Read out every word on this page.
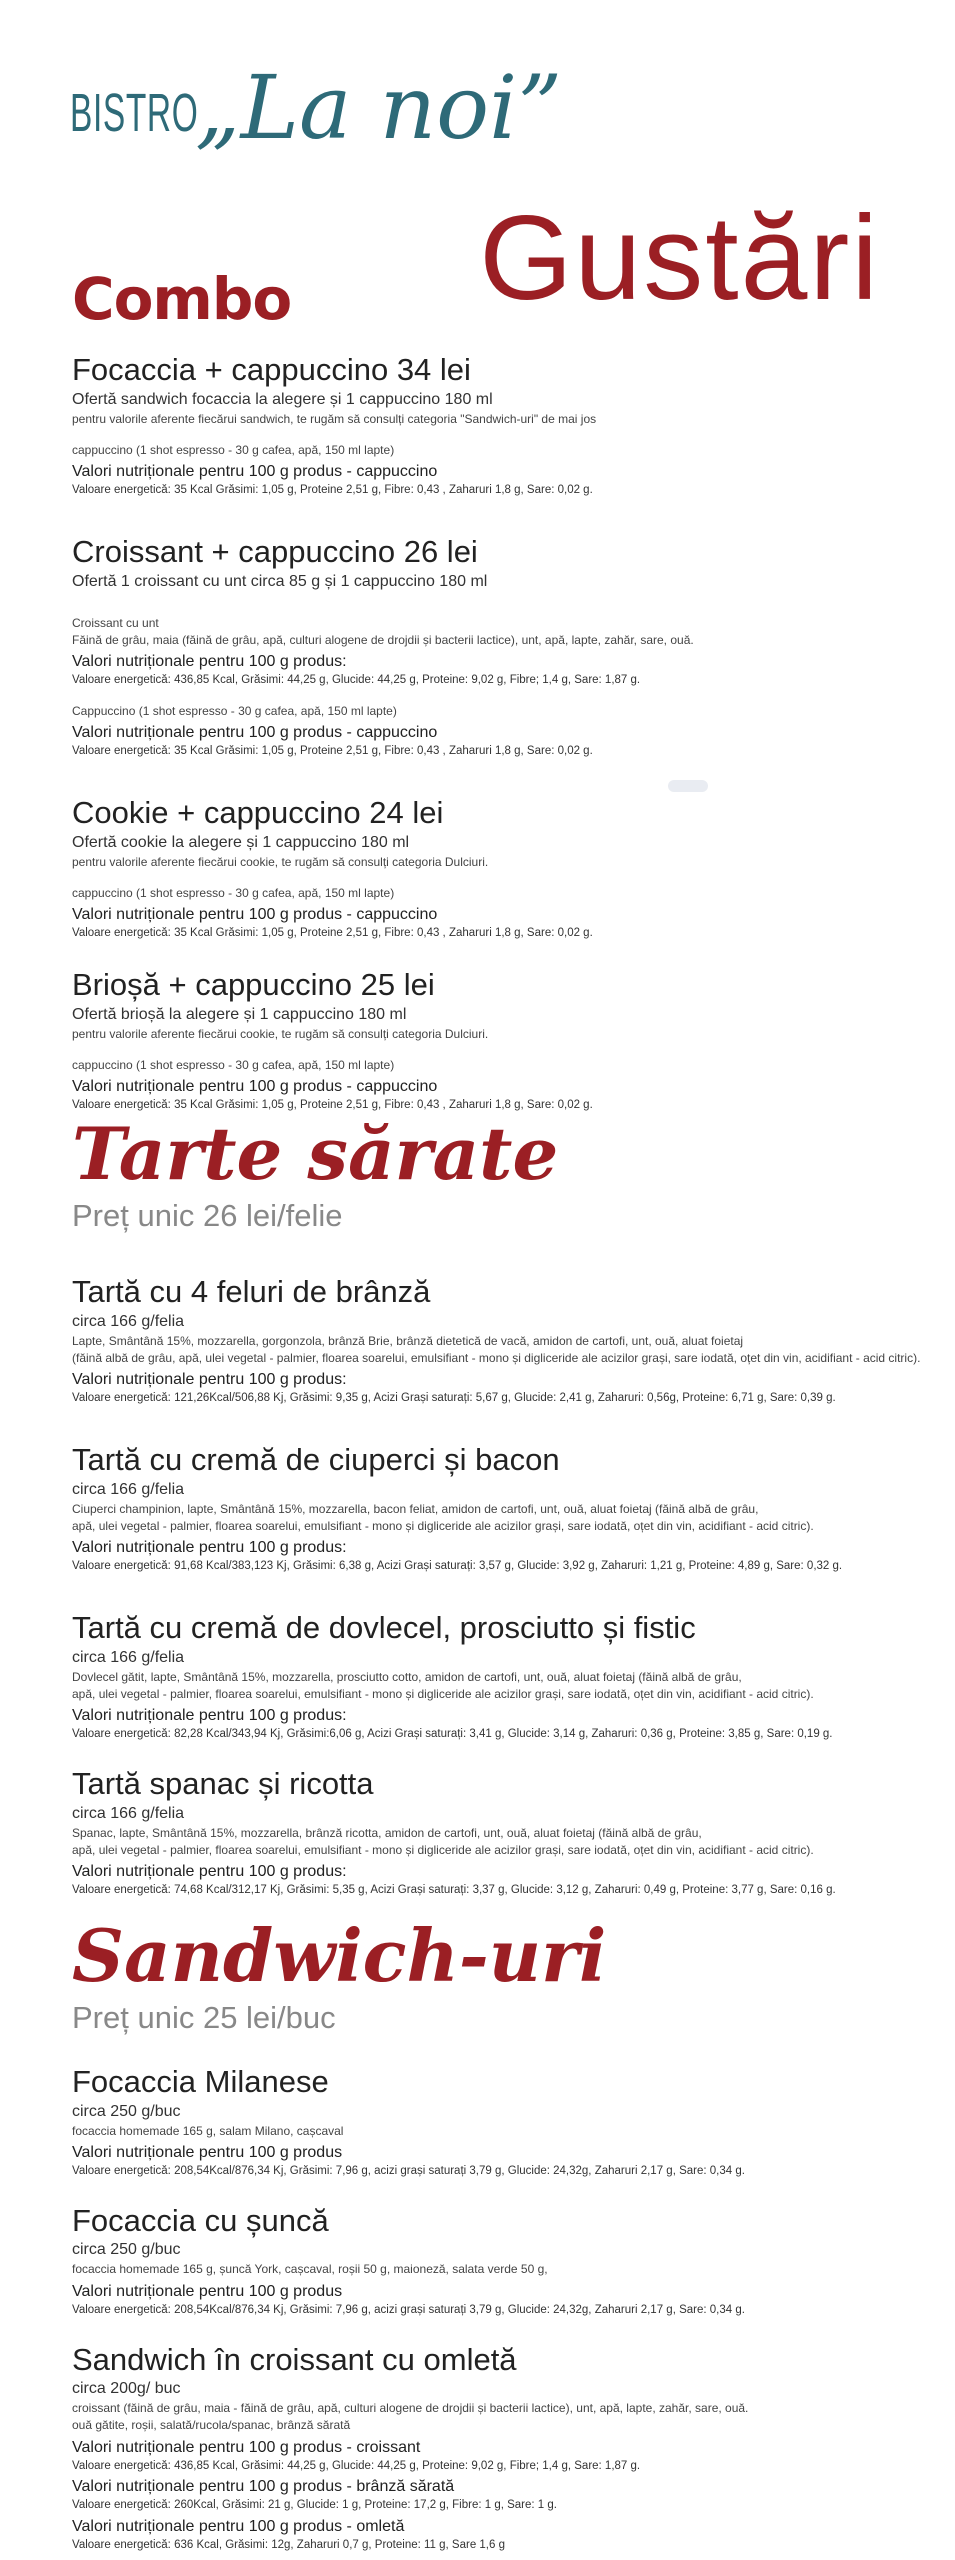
BISTRO
„La noi”
Gustări
Combo

Focaccia + cappuccino 34 lei

Ofertă sandwich focaccia la alegere și 1 cappuccino 180 ml

pentru valorile aferente fiecărui sandwich, te rugăm să consulți categoria "Sandwich-uri" de mai jos

cappuccino (1 shot espresso - 30 g cafea, apă, 150 ml lapte)

Valori nutriționale pentru 100 g produs - cappuccino

Valoare energetică: 35 Kcal Grăsimi: 1,05 g, Proteine 2,51 g, Fibre: 0,43 , Zaharuri 1,8 g, Sare: 0,02 g.

Croissant + cappuccino 26 lei

Ofertă 1 croissant cu unt circa 85 g și 1 cappuccino 180 ml

Croissant cu unt

Făină de grâu, maia (făină de grâu, apă, culturi alogene de drojdii și bacterii lactice), unt, apă, lapte, zahăr, sare, ouă.

Valori nutriționale pentru 100 g produs:

Valoare energetică: 436,85 Kcal, Grăsimi: 44,25 g, Glucide: 44,25 g, Proteine: 9,02 g, Fibre; 1,4 g, Sare: 1,87 g.

Cappuccino (1 shot espresso - 30 g cafea, apă, 150 ml lapte)

Valori nutriționale pentru 100 g produs - cappuccino

Valoare energetică: 35 Kcal Grăsimi: 1,05 g, Proteine 2,51 g, Fibre: 0,43 , Zaharuri 1,8 g, Sare: 0,02 g.

Cookie + cappuccino 24 lei

Ofertă cookie la alegere și 1 cappuccino 180 ml

pentru valorile aferente fiecărui cookie, te rugăm să consulți categoria Dulciuri.

cappuccino (1 shot espresso - 30 g cafea, apă, 150 ml lapte)

Valori nutriționale pentru 100 g produs - cappuccino

Valoare energetică: 35 Kcal Grăsimi: 1,05 g, Proteine 2,51 g, Fibre: 0,43 , Zaharuri 1,8 g, Sare: 0,02 g.

Brioșă + cappuccino 25 lei

Ofertă brioșă la alegere și 1 cappuccino 180 ml

pentru valorile aferente fiecărui cookie, te rugăm să consulți categoria Dulciuri.

cappuccino (1 shot espresso - 30 g cafea, apă, 150 ml lapte)

Valori nutriționale pentru 100 g produs - cappuccino

Valoare energetică: 35 Kcal Grăsimi: 1,05 g, Proteine 2,51 g, Fibre: 0,43 , Zaharuri 1,8 g, Sare: 0,02 g.

Tarte sărate

Preț unic 26 lei/felie

Tartă cu 4 feluri de brânză

circa 166 g/felia

Lapte, Smântână 15%, mozzarella, gorgonzola, brânză Brie, brânză dietetică de vacă, amidon de cartofi, unt, ouă, aluat foietaj

(făină albă de grâu, apă, ulei vegetal - palmier, floarea soarelui, emulsifiant - mono și digliceride ale acizilor grași, sare iodată, oțet din vin, acidifiant - acid citric).

Valori nutriționale pentru 100 g produs:

Valoare energetică: 121,26Kcal/506,88 Kj, Grăsimi: 9,35 g, Acizi Grași saturați: 5,67 g, Glucide: 2,41 g, Zaharuri: 0,56g, Proteine: 6,71 g, Sare: 0,39 g.

Tartă cu cremă de ciuperci și bacon

circa 166 g/felia

Ciuperci champinion, lapte, Smântână 15%, mozzarella, bacon feliat, amidon de cartofi, unt, ouă, aluat foietaj (făină albă de grâu,

apă, ulei vegetal - palmier, floarea soarelui, emulsifiant - mono și digliceride ale acizilor grași, sare iodată, oțet din vin, acidifiant - acid citric).

Valori nutriționale pentru 100 g produs:

Valoare energetică: 91,68 Kcal/383,123 Kj, Grăsimi: 6,38 g, Acizi Grași saturați: 3,57 g, Glucide: 3,92 g, Zaharuri: 1,21 g, Proteine: 4,89 g, Sare: 0,32 g.

Tartă cu cremă de dovlecel, prosciutto și fistic

circa 166 g/felia

Dovlecel gătit, lapte, Smântână 15%, mozzarella, prosciutto cotto, amidon de cartofi, unt, ouă, aluat foietaj (făină albă de grâu,

apă, ulei vegetal - palmier, floarea soarelui, emulsifiant - mono și digliceride ale acizilor grași, sare iodată, oțet din vin, acidifiant - acid citric).

Valori nutriționale pentru 100 g produs:

Valoare energetică: 82,28 Kcal/343,94 Kj, Grăsimi:6,06 g, Acizi Grași saturați: 3,41 g, Glucide: 3,14 g, Zaharuri: 0,36 g, Proteine: 3,85 g, Sare: 0,19 g.

Tartă spanac și ricotta

circa 166 g/felia

Spanac, lapte, Smântână 15%, mozzarella, brânză ricotta, amidon de cartofi, unt, ouă, aluat foietaj (făină albă de grâu,

apă, ulei vegetal - palmier, floarea soarelui, emulsifiant - mono și digliceride ale acizilor grași, sare iodată, oțet din vin, acidifiant - acid citric).

Valori nutriționale pentru 100 g produs:

Valoare energetică: 74,68 Kcal/312,17 Kj, Grăsimi: 5,35 g, Acizi Grași saturați: 3,37 g, Glucide: 3,12 g, Zaharuri: 0,49 g, Proteine: 3,77 g, Sare: 0,16 g.

Sandwich-uri

Preț unic 25 lei/buc

Focaccia Milanese

circa 250 g/buc

focaccia homemade 165 g, salam Milano, cașcaval

Valori nutriționale pentru 100 g produs

Valoare energetică: 208,54Kcal/876,34 Kj, Grăsimi: 7,96 g, acizi grași saturați 3,79 g, Glucide: 24,32g, Zaharuri 2,17 g, Sare: 0,34 g.

Focaccia cu șuncă

circa 250 g/buc

focaccia homemade 165 g, șuncă York, cașcaval, roșii 50 g, maioneză, salata verde 50 g,

Valori nutriționale pentru 100 g produs

Valoare energetică: 208,54Kcal/876,34 Kj, Grăsimi: 7,96 g, acizi grași saturați 3,79 g, Glucide: 24,32g, Zaharuri 2,17 g, Sare: 0,34 g.

Sandwich în croissant cu omletă

circa 200g/ buc

croissant (făină de grâu, maia - făină de grâu, apă, culturi alogene de drojdii și bacterii lactice), unt, apă, lapte, zahăr, sare, ouă.

ouă gătite, roșii, salată/rucola/spanac, brânză sărată

Valori nutriționale pentru 100 g produs - croissant

Valoare energetică: 436,85 Kcal, Grăsimi: 44,25 g, Glucide: 44,25 g, Proteine: 9,02 g, Fibre; 1,4 g, Sare: 1,87 g.

Valori nutriționale pentru 100 g produs - brânză sărată

Valoare energetică: 260Kcal, Grăsimi: 21 g, Glucide: 1 g, Proteine: 17,2 g, Fibre: 1 g, Sare: 1 g.

Valori nutriționale pentru 100 g produs - omletă

Valoare energetică: 636 Kcal, Grăsimi: 12g, Zaharuri 0,7 g, Proteine: 11 g, Sare 1,6 g
